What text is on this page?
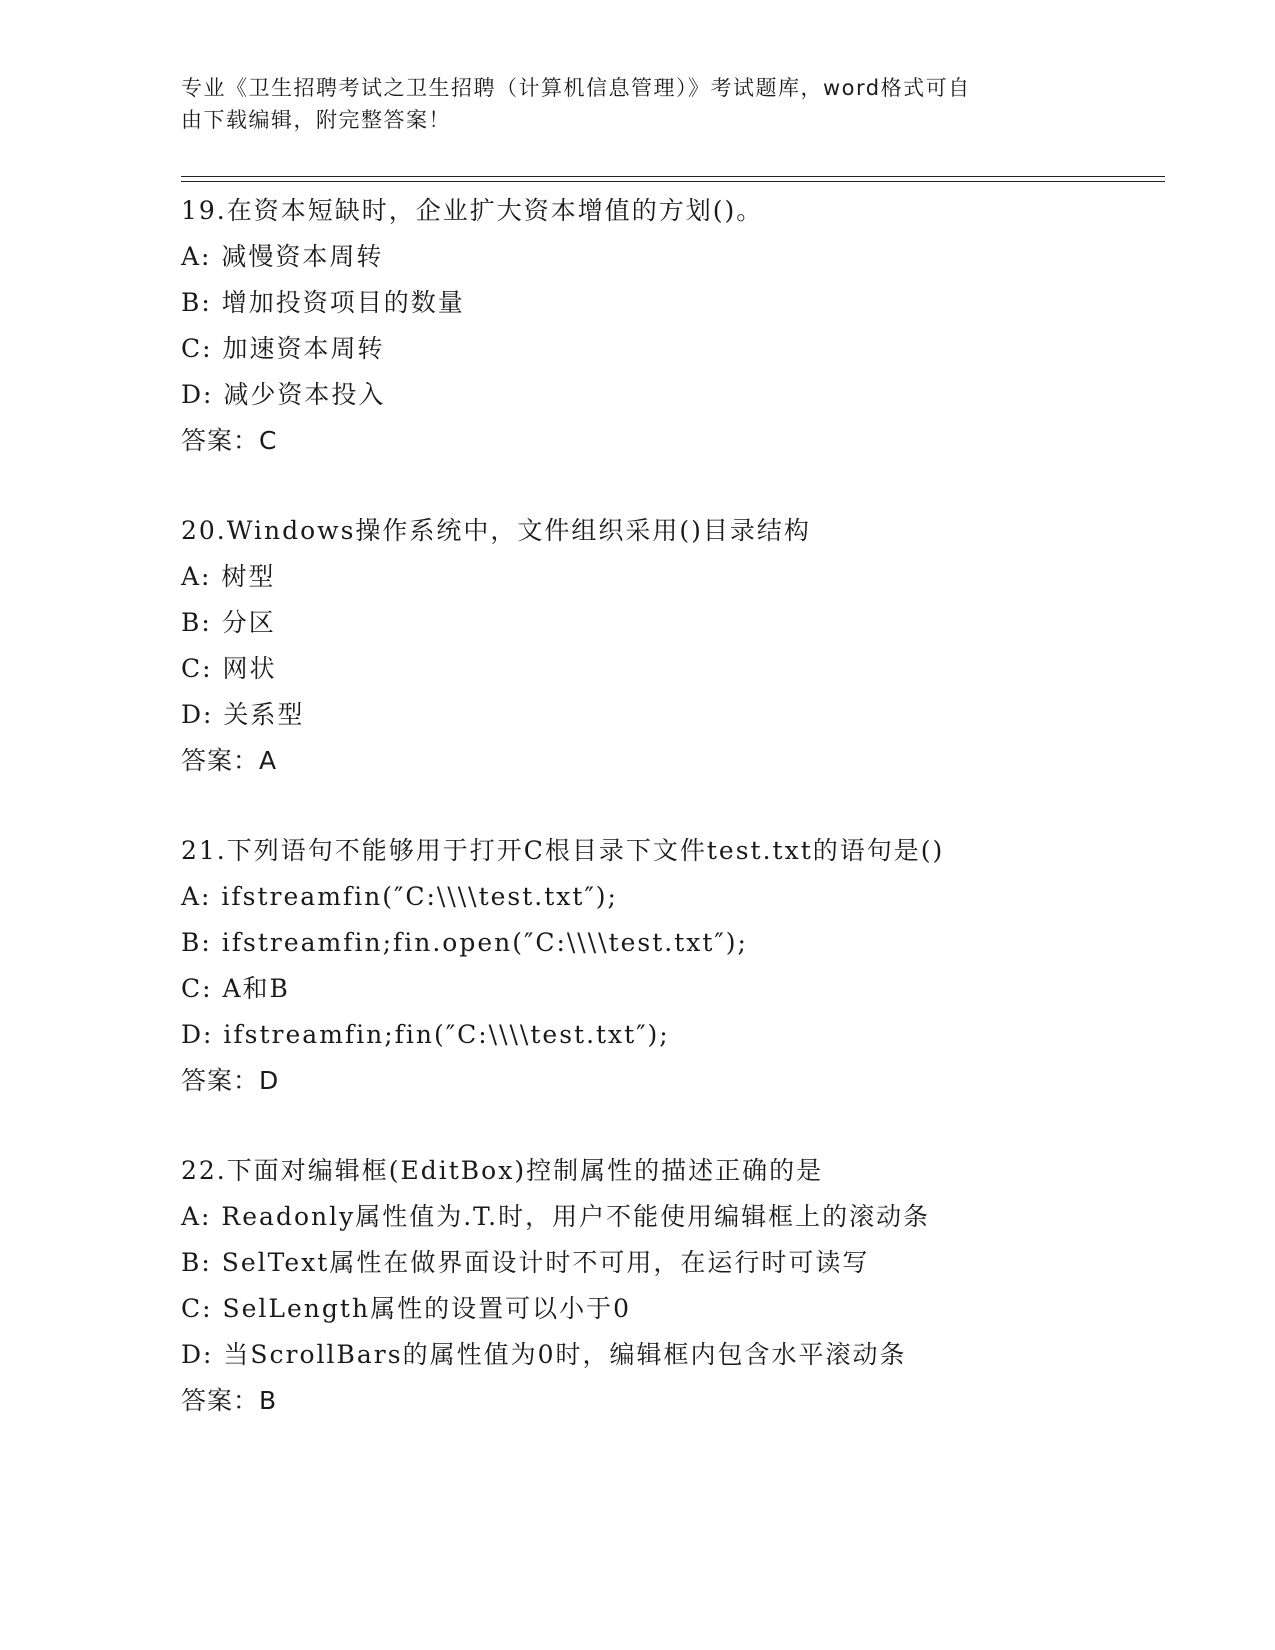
专业《卫生招聘考试之卫生招聘（计算机信息管理）》考试题库，word格式可自
由下载编辑，附完整答案！
19.在资本短缺时，企业扩大资本增值的方划()。
A: 减慢资本周转
B: 增加投资项目的数量
C: 加速资本周转
D: 减少资本投入
答案：C
20.Windows操作系统中，文件组织采用()目录结构
A: 树型
B: 分区
C: 网状
D: 关系型
答案：A
21.下列语句不能够用于打开C根目录下文件test.txt的语句是()
A: ifstreamfin(″C:\\\\test.txt″);
B: ifstreamfin;fin.open(″C:\\\\test.txt″);
C: A和B
D: ifstreamfin;fin(″C:\\\\test.txt″);
答案：D
22.下面对编辑框(EditBox)控制属性的描述正确的是
A: Readonly属性值为.T.时，用户不能使用编辑框上的滚动条
B: SelText属性在做界面设计时不可用，在运行时可读写
C: SelLength属性的设置可以小于0
D: 当ScrollBars的属性值为0时，编辑框内包含水平滚动条
答案：B
